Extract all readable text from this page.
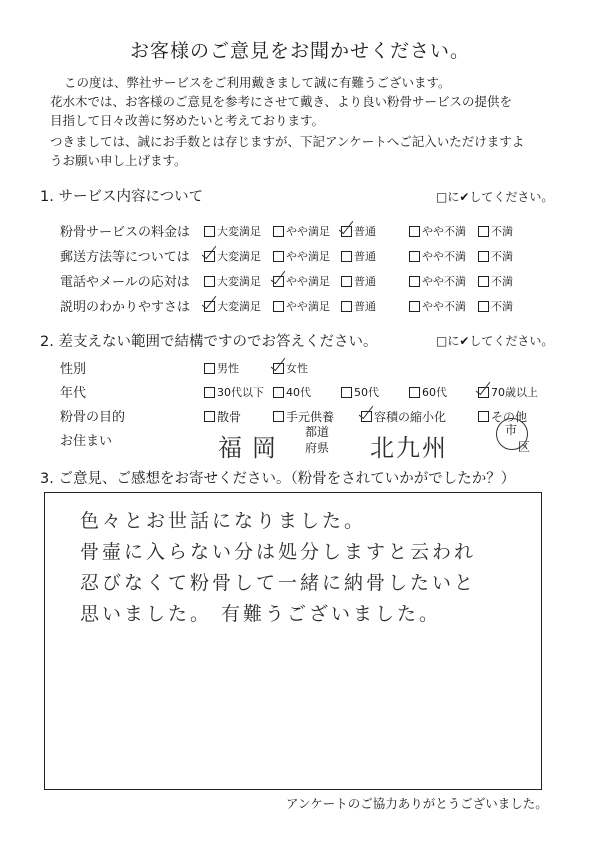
お客様のご意見をお聞かせください。
この度は、弊社サービスをご利用戴きまして誠に有難うございます。
花水木では、お客様のご意見を参考にさせて戴き、より良い粉骨サービスの提供を
目指して日々改善に努めたいと考えております。
つきましては、誠にお手数とは存じますが、下記アンケートへご記入いただけますよ
うお願い申し上げます。
1. サービス内容について	□に✔してください。
粉骨サービスの料金は 大変満足 やや満足 普通	やや不満 不満
郵送方法等については 大変満足 やや満足 普通	やや不満 不満
電話やメールの応対は 大変満足 やや満足 普通	やや不満 不満
説明のわかりやすさは 大変満足 やや満足 普通	やや不満 不満
2. 差支えない範囲で結構ですのでお答えください。	□に✔してください。
性別	男性	女性
年代	30代以下 40代	50代	60代	70歳以上
粉骨の目的	散骨	手元供養	容積の縮小化	その他
お住まい	福岡
都道
府県 北九州
市
区
3. ご意見、ご感想をお寄せください。（粉骨をされていかがでしたか？）
色々とお世話になりました。
骨壷に入らない分は処分しますと云われ
忍びなくて粉骨して一緒に納骨したいと
思いました。 有難うございました。
アンケートのご協力ありがとうございました。
